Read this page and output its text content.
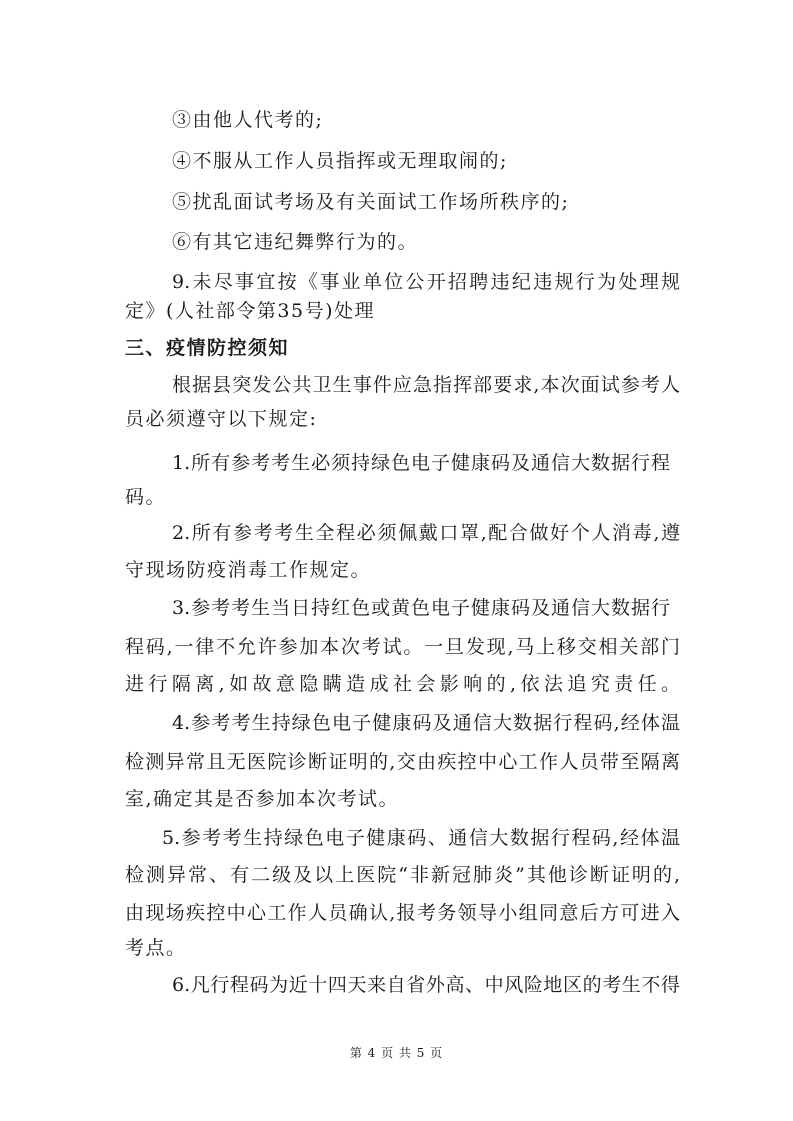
③由他人代考的;
④不服从工作人员指挥或无理取闹的;
⑤扰乱面试考场及有关面试工作场所秩序的;
⑥有其它违纪舞弊行为的。
9.未尽事宜按《事业单位公开招聘违纪违规行为处理规
定》(人社部令第35号)处理
三、疫情防控须知
根据县突发公共卫生事件应急指挥部要求,本次面试参考人
员必须遵守以下规定:
1.所有参考考生必须持绿色电子健康码及通信大数据行程
码。
2.所有参考考生全程必须佩戴口罩,配合做好个人消毒,遵
守现场防疫消毒工作规定。
3.参考考生当日持红色或黄色电子健康码及通信大数据行
程码,一律不允许参加本次考试。一旦发现,马上移交相关部门
进行隔离,如故意隐瞒造成社会影响的,依法追究责任。
4.参考考生持绿色电子健康码及通信大数据行程码,经体温
检测异常且无医院诊断证明的,交由疾控中心工作人员带至隔离
室,确定其是否参加本次考试。
5.参考考生持绿色电子健康码、通信大数据行程码,经体温
检测异常、有二级及以上医院“非新冠肺炎”其他诊断证明的,
由现场疾控中心工作人员确认,报考务领导小组同意后方可进入
考点。
6.凡行程码为近十四天来自省外高、中风险地区的考生不得
第 4 页 共 5 页
